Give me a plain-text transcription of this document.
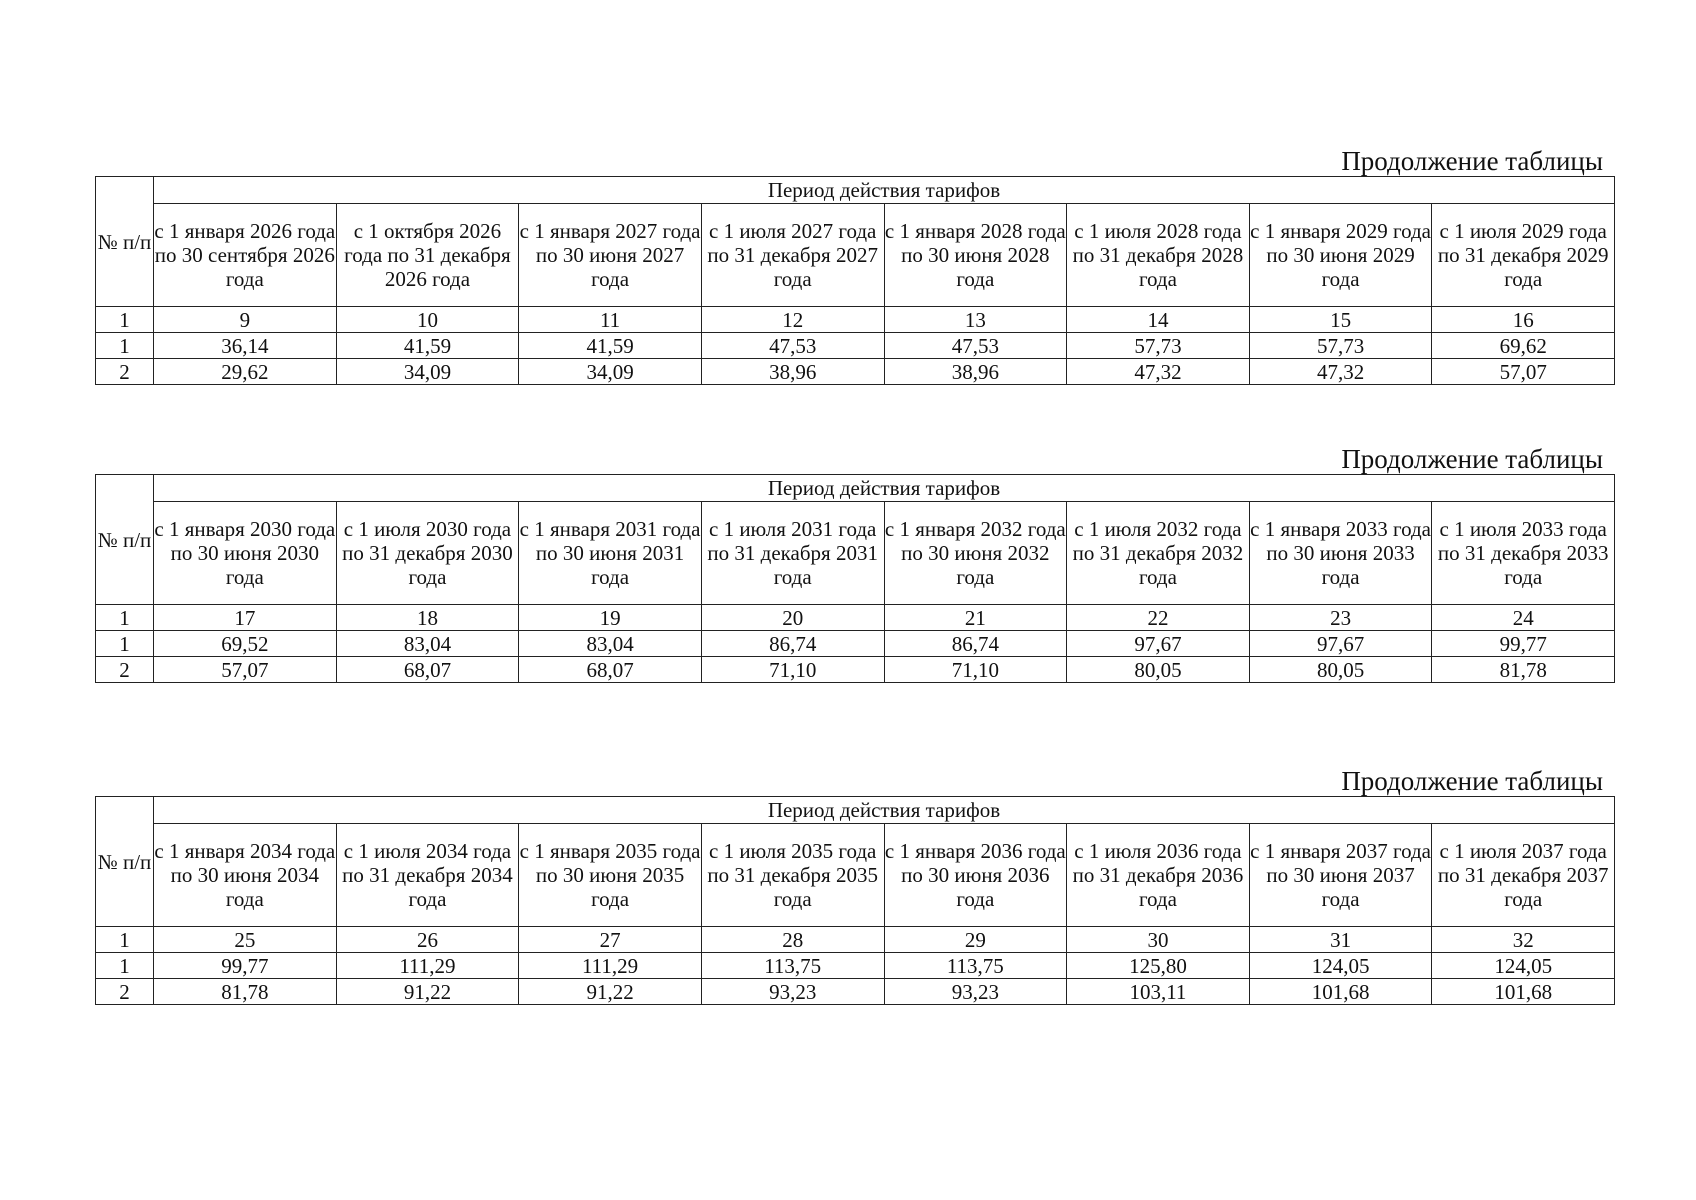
Продолжение таблицы
№ п/п	Период действия тарифов							
	с 1 января 2026 года по 30 сентября 2026 года	с 1 октября 2026 года по 31 декабря 2026 года	с 1 января 2027 года по 30 июня 2027 года	с 1 июля 2027 года по 31 декабря 2027 года	с 1 января 2028 года по 30 июня 2028 года	с 1 июля 2028 года по 31 декабря 2028 года	с 1 января 2029 года по 30 июня 2029 года	с 1 июля 2029 года по 31 декабря 2029 года
1	9	10	11	12	13	14	15	16
1	36,14	41,59	41,59	47,53	47,53	57,73	57,73	69,62
2	29,62	34,09	34,09	38,96	38,96	47,32	47,32	57,07
Продолжение таблицы
№ п/п	Период действия тарифов							
	с 1 января 2030 года по 30 июня 2030 года	с 1 июля 2030 года по 31 декабря 2030 года	с 1 января 2031 года по 30 июня 2031 года	с 1 июля 2031 года по 31 декабря 2031 года	с 1 января 2032 года по 30 июня 2032 года	с 1 июля 2032 года по 31 декабря 2032 года	с 1 января 2033 года по 30 июня 2033 года	с 1 июля 2033 года по 31 декабря 2033 года
1	17	18	19	20	21	22	23	24
1	69,52	83,04	83,04	86,74	86,74	97,67	97,67	99,77
2	57,07	68,07	68,07	71,10	71,10	80,05	80,05	81,78
Продолжение таблицы
№ п/п	Период действия тарифов							
	с 1 января 2034 года по 30 июня 2034 года	с 1 июля 2034 года по 31 декабря 2034 года	с 1 января 2035 года по 30 июня 2035 года	с 1 июля 2035 года по 31 декабря 2035 года	с 1 января 2036 года по 30 июня 2036 года	с 1 июля 2036 года по 31 декабря 2036 года	с 1 января 2037 года по 30 июня 2037 года	с 1 июля 2037 года по 31 декабря 2037 года
1	25	26	27	28	29	30	31	32
1	99,77	111,29	111,29	113,75	113,75	125,80	124,05	124,05
2	81,78	91,22	91,22	93,23	93,23	103,11	101,68	101,68
